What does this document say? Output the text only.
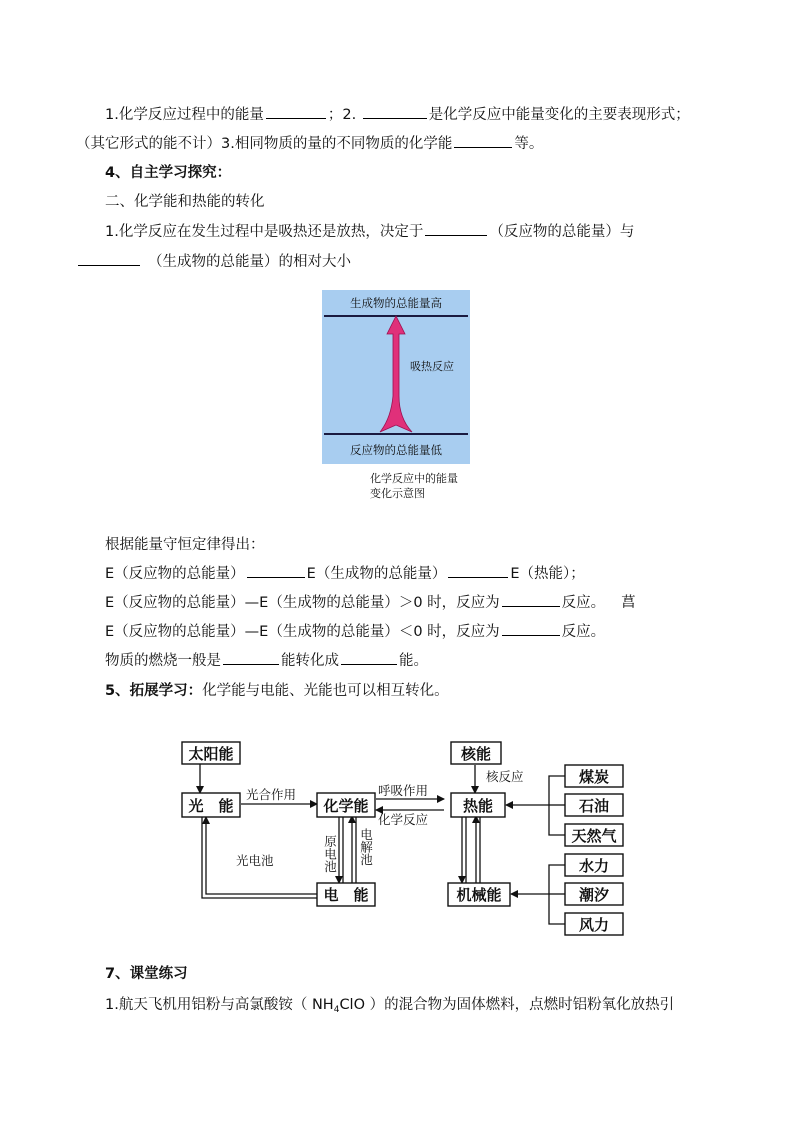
1.化学反应过程中的能量	；2.	是化学反应中能量变化的主要表现形式；
（其它形式的能不计）3.相同物质的量的不同物质的化学能	等。
4、自主学习探究：
二、化学能和热能的转化
1.化学反应在发生过程中是吸热还是放热，决定于	（反应物的总能量）与
（生成物的总能量）的相对大小
生成物的总能量高
吸热反应
反应物的总能量低
化学反应中的能量
变化示意图
根据能量守恒定律得出：
E（反应物的总能量）	E（生成物的总能量）	E（热能）；
E（反应物的总能量）—E（生成物的总能量）＞0 时，反应为	反应。 菖
E（反应物的总能量）—E（生成物的总能量）＜0 时，反应为	反应。
物质的燃烧一般是	能转化成	能。
5、拓展学习：化学能与电能、光能也可以相互转化。
太阳能
光　能	化学能
电　能
核能
热能
机械能
煤炭
石油
天然气
水力
潮汐
风力
光合作用	呼吸作用
化学反应
核反应
光电池	原电池 电解池
7、课堂练习
1.航天飞机用铝粉与高氯酸铵（ $NH_4ClO$ ）的混合物为固体燃料，点燃时铝粉氧化放热引
